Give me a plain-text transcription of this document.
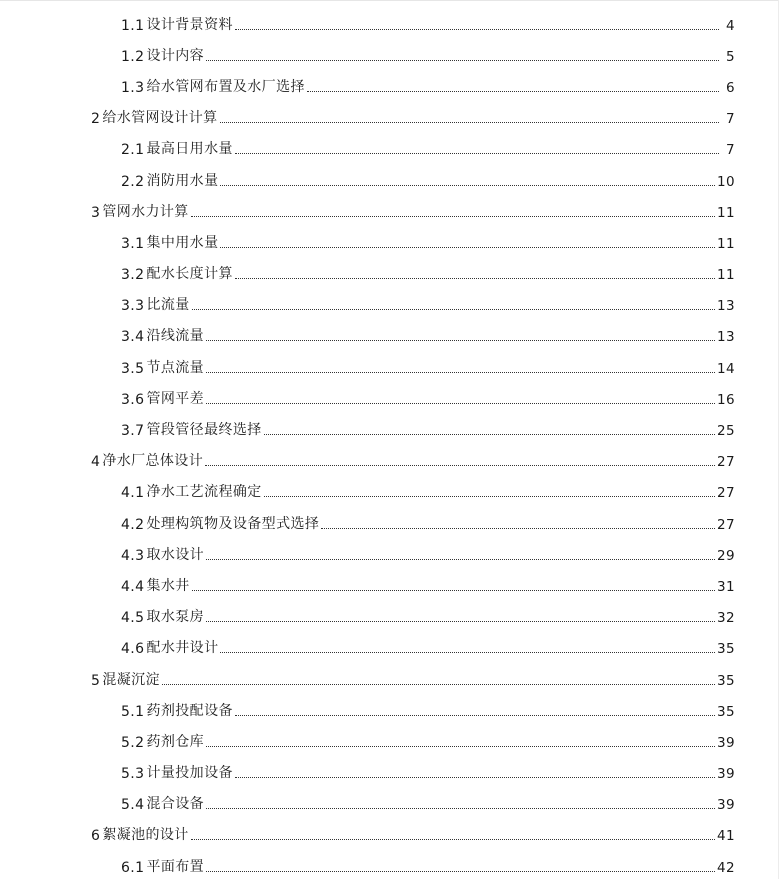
1.1 设计背景资料	4
1.2 设计内容	5
1.3 给水管网布置及水厂选择	6
2 给水管网设计计算	7
2.1 最高日用水量	7
2.2 消防用水量	10
3 管网水力计算	11
3.1 集中用水量	11
3.2 配水长度计算	11
3.3 比流量	13
3.4 沿线流量	13
3.5 节点流量	14
3.6 管网平差	16
3.7 管段管径最终选择	25
4 净水厂总体设计	27
4.1 净水工艺流程确定	27
4.2 处理构筑物及设备型式选择	27
4.3 取水设计	29
4.4 集水井	31
4.5 取水泵房	32
4.6 配水井设计	35
5 混凝沉淀	35
5.1 药剂投配设备	35
5.2 药剂仓库	39
5.3 计量投加设备	39
5.4 混合设备	39
6 絮凝池的设计	41
6.1 平面布置	42
